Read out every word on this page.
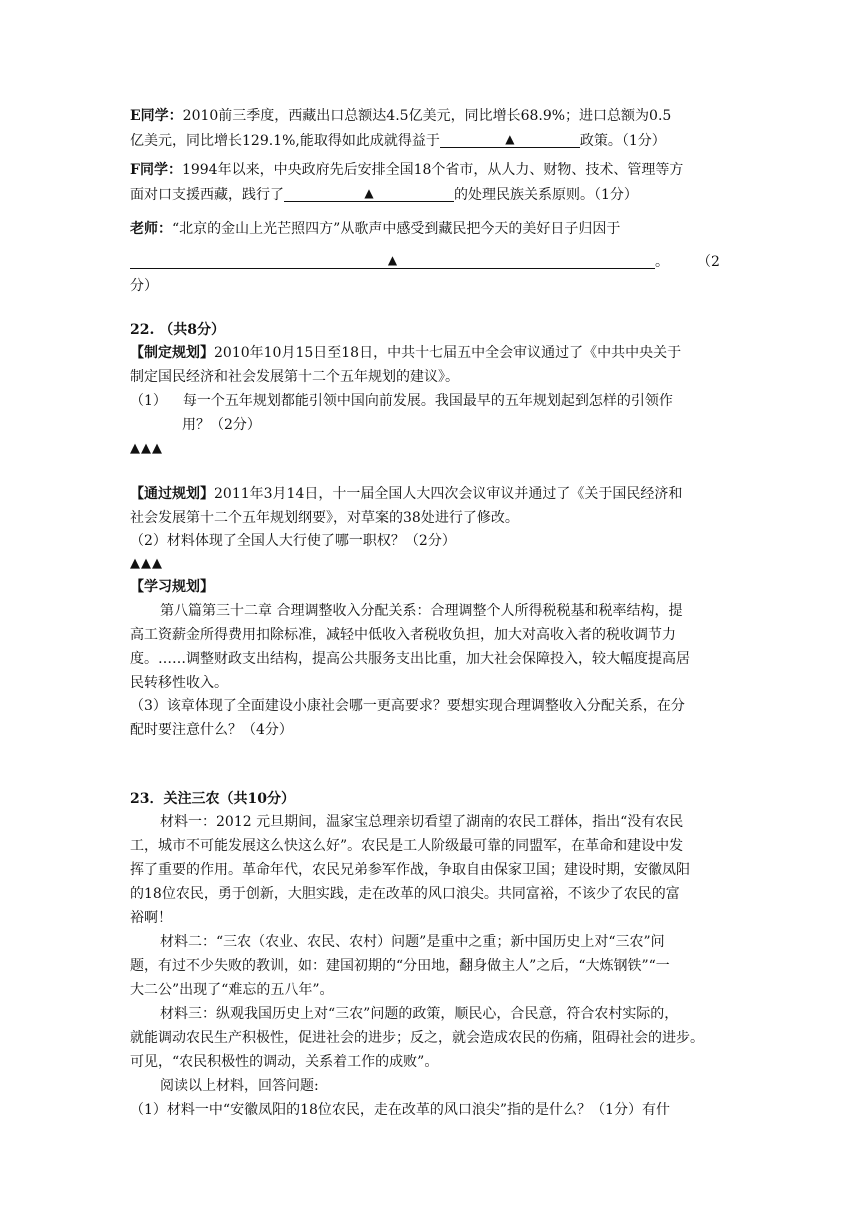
E同学：2010前三季度，西藏出口总额达4.5亿美元，同比增长68.9%；进口总额为0.5
亿美元，同比增长129.1%,能取得如此成就得益于	▲	政策。（1分）
F同学：1994年以来，中央政府先后安排全国18个省市，从人力、财物、技术、管理等方
面对口支援西藏，践行了	▲	的处理民族关系原则。（1分）
老师：“北京的金山上光芒照四方”从歌声中感受到藏民把今天的美好日子归因于
▲	。 （2
分）
22. （共8分）
【制定规划】2010年10月15日至18日，中共十七届五中全会审议通过了《中共中央关于
制定国民经济和社会发展第十二个五年规划的建议》。
（1） 每一个五年规划都能引领中国向前发展。我国最早的五年规划起到怎样的引领作
用？（2分）
▲▲▲
【通过规划】2011年3月14日，十一届全国人大四次会议审议并通过了《关于国民经济和
社会发展第十二个五年规划纲要》，对草案的38处进行了修改。
（2）材料体现了全国人大行使了哪一职权？（2分）
▲▲▲
【学习规划】
第八篇第三十二章 合理调整收入分配关系：合理调整个人所得税税基和税率结构，提
高工资薪金所得费用扣除标准，减轻中低收入者税收负担，加大对高收入者的税收调节力
度。……调整财政支出结构，提高公共服务支出比重，加大社会保障投入，较大幅度提高居
民转移性收入。
（3）该章体现了全面建设小康社会哪一更高要求？要想实现合理调整收入分配关系，在分
配时要注意什么？（4分）
23．关注三农（共10分）
材料一：2012 元旦期间，温家宝总理亲切看望了湖南的农民工群体，指出“没有农民
工，城市不可能发展这么快这么好”。农民是工人阶级最可靠的同盟军，在革命和建设中发
挥了重要的作用。革命年代，农民兄弟参军作战，争取自由保家卫国；建设时期，安徽凤阳
的18位农民，勇于创新，大胆实践，走在改革的风口浪尖。共同富裕，不该少了农民的富
裕啊！
材料二：“三农（农业、农民、农村）问题”是重中之重；新中国历史上对“三农”问
题，有过不少失败的教训，如：建国初期的“分田地，翻身做主人”之后，“大炼钢铁”“一
大二公”出现了“难忘的五八年”。
材料三：纵观我国历史上对“三农”问题的政策，顺民心，合民意，符合农村实际的，
就能调动农民生产积极性，促进社会的进步；反之，就会造成农民的伤痛，阻碍社会的进步。
可见，“农民积极性的调动，关系着工作的成败”。
阅读以上材料，回答问题:
（1）材料一中“安徽凤阳的18位农民，走在改革的风口浪尖”指的是什么？（1分）有什
